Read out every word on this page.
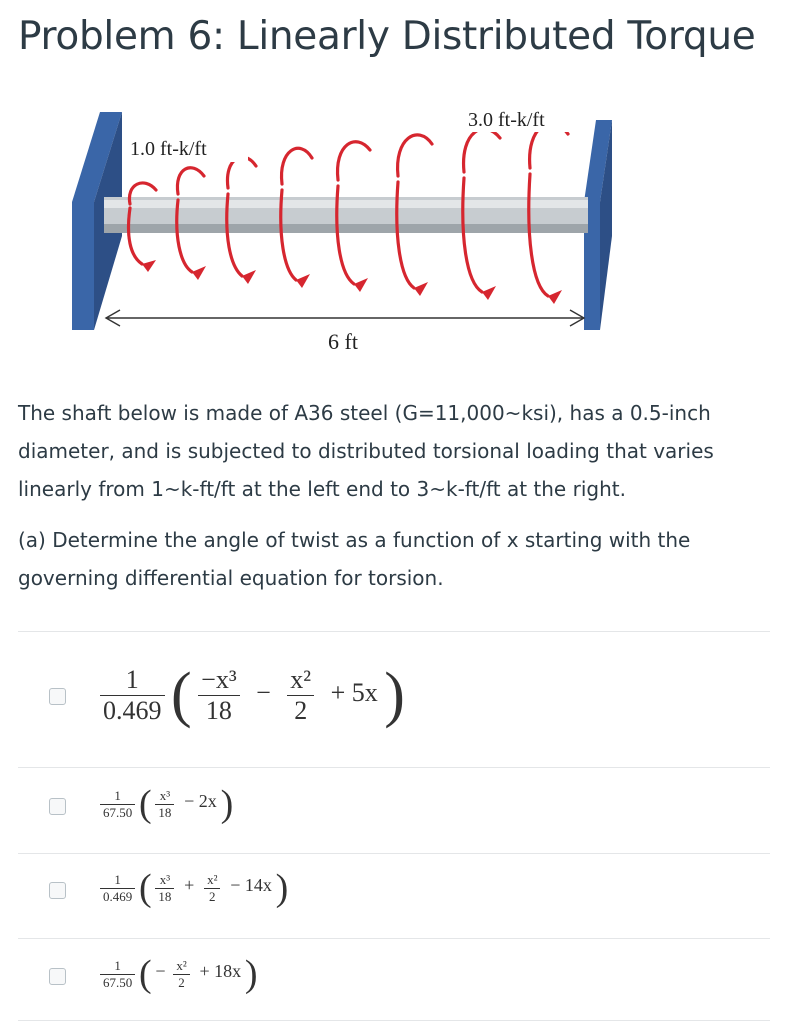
Problem 6: Linearly Distributed Torque
1.0 ft-k/ft
3.0 ft-k/ft
6 ft

The shaft below is made of A36 steel (G=11,000~ksi), has a 0.5-inch diameter, and is subjected to distributed torsional loading that varies linearly from 1~k-ft/ft at the left end to 3~k-ft/ft at the right.

(a) Determine the angle of twist as a function of x starting with the governing differential equation for torsion.

$\frac{1}{0.469}$ ( $\frac{\text{−x³}}{18} - \frac{\text{x²}}{2} + 5x$ )
$\frac{1}{67.50}$ ( $\frac{\text{x³}}{18} - 2x$ )
$\frac{1}{0.469}$ ( $\frac{\text{x³}}{18} + \frac{\text{x²}}{2} - 14x$ )
$\frac{1}{67.50}$ ( − $\frac{\text{x²}}{2} + 18x$ )
